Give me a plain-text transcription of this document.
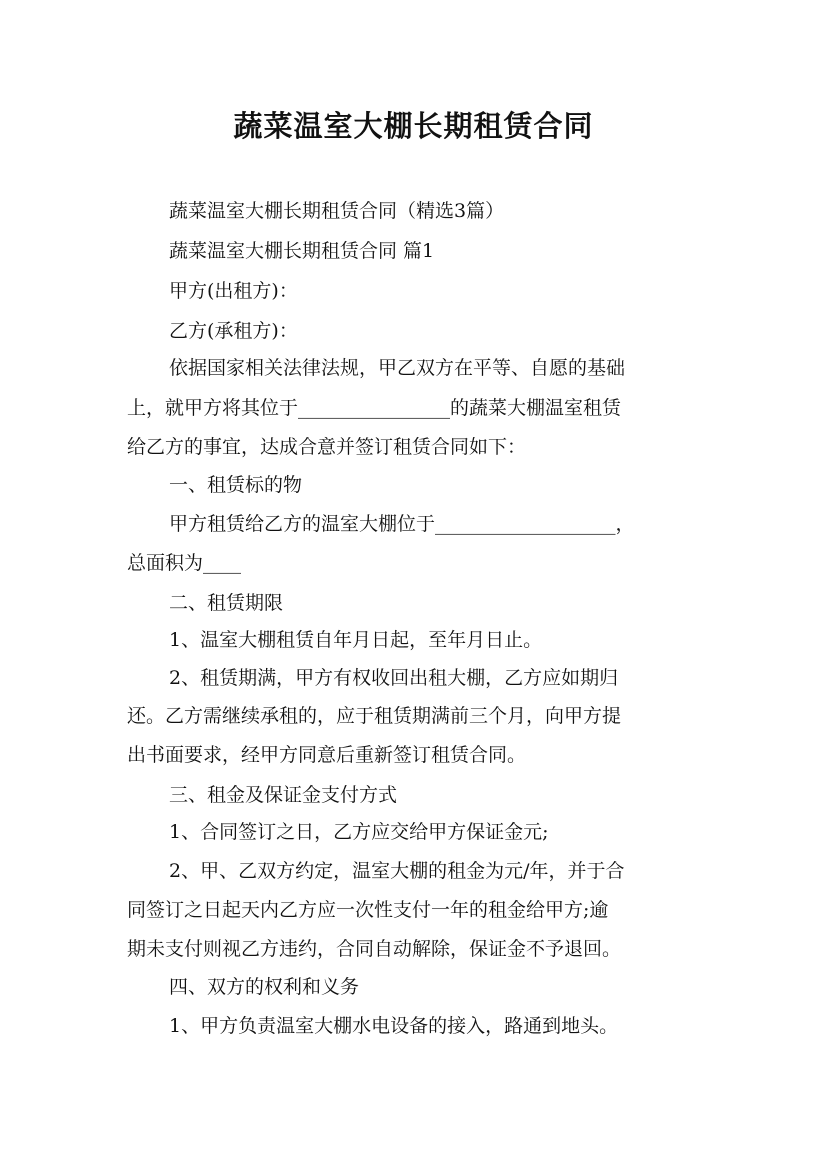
蔬菜温室大棚长期租赁合同
蔬菜温室大棚长期租赁合同（精选3篇）
蔬菜温室大棚长期租赁合同 篇1
甲方(出租方)：
乙方(承租方)：
依据国家相关法律法规，甲乙双方在平等、自愿的基础
上，就甲方将其位于________________的蔬菜大棚温室租赁
给乙方的事宜，达成合意并签订租赁合同如下：
一、租赁标的物
甲方租赁给乙方的温室大棚位于___________________，
总面积为____
二、租赁期限
1、温室大棚租赁自年月日起，至年月日止。
2、租赁期满，甲方有权收回出租大棚，乙方应如期归
还。乙方需继续承租的，应于租赁期满前三个月，向甲方提
出书面要求，经甲方同意后重新签订租赁合同。
三、租金及保证金支付方式
1、合同签订之日，乙方应交给甲方保证金元;
2、甲、乙双方约定，温室大棚的租金为元/年，并于合
同签订之日起天内乙方应一次性支付一年的租金给甲方;逾
期未支付则视乙方违约，合同自动解除，保证金不予退回。
四、双方的权利和义务
1、甲方负责温室大棚水电设备的接入，路通到地头。
